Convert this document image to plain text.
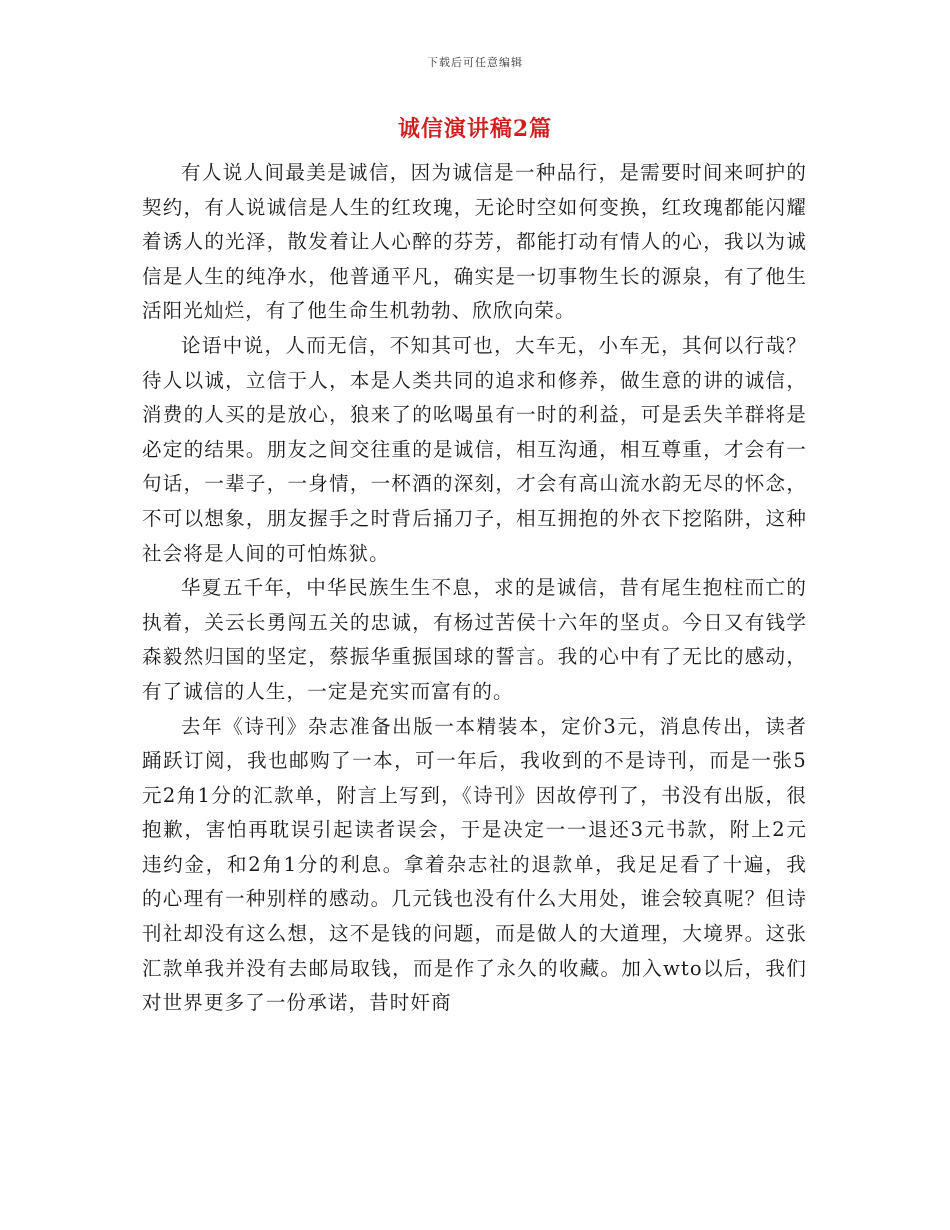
下载后可任意编辑
诚信演讲稿2篇

有人说人间最美是诚信，因为诚信是一种品行，是需要时间来呵护的契约，有人说诚信是人生的红玫瑰，无论时空如何变换，红玫瑰都能闪耀着诱人的光泽，散发着让人心醉的芬芳，都能打动有情人的心，我以为诚信是人生的纯净水，他普通平凡，确实是一切事物生长的源泉，有了他生活阳光灿烂，有了他生命生机勃勃、欣欣向荣。

论语中说，人而无信，不知其可也，大车无，小车无，其何以行哉？待人以诚，立信于人，本是人类共同的追求和修养，做生意的讲的诚信，消费的人买的是放心，狼来了的吆喝虽有一时的利益，可是丢失羊群将是必定的结果。朋友之间交往重的是诚信，相互沟通，相互尊重，才会有一句话，一辈子，一身情，一杯酒的深刻，才会有高山流水韵无尽的怀念，不可以想象，朋友握手之时背后捅刀子，相互拥抱的外衣下挖陷阱，这种社会将是人间的可怕炼狱。

华夏五千年，中华民族生生不息，求的是诚信，昔有尾生抱柱而亡的执着，关云长勇闯五关的忠诚，有杨过苦侯十六年的坚贞。今日又有钱学森毅然归国的坚定，蔡振华重振国球的誓言。我的心中有了无比的感动，有了诚信的人生，一定是充实而富有的。

去年《诗刊》杂志准备出版一本精装本，定价3元，消息传出，读者踊跃订阅，我也邮购了一本，可一年后，我收到的不是诗刊，而是一张5元2角1分的汇款单，附言上写到，《诗刊》因故停刊了，书没有出版，很抱歉，害怕再耽误引起读者误会，于是决定一一退还3元书款，附上2元违约金，和2角1分的利息。拿着杂志社的退款单，我足足看了十遍，我的心理有一种别样的感动。几元钱也没有什么大用处，谁会较真呢？但诗刊社却没有这么想，这不是钱的问题，而是做人的大道理，大境界。这张汇款单我并没有去邮局取钱，而是作了永久的收藏。加入wto以后，我们对世界更多了一份承诺，昔时奸商
